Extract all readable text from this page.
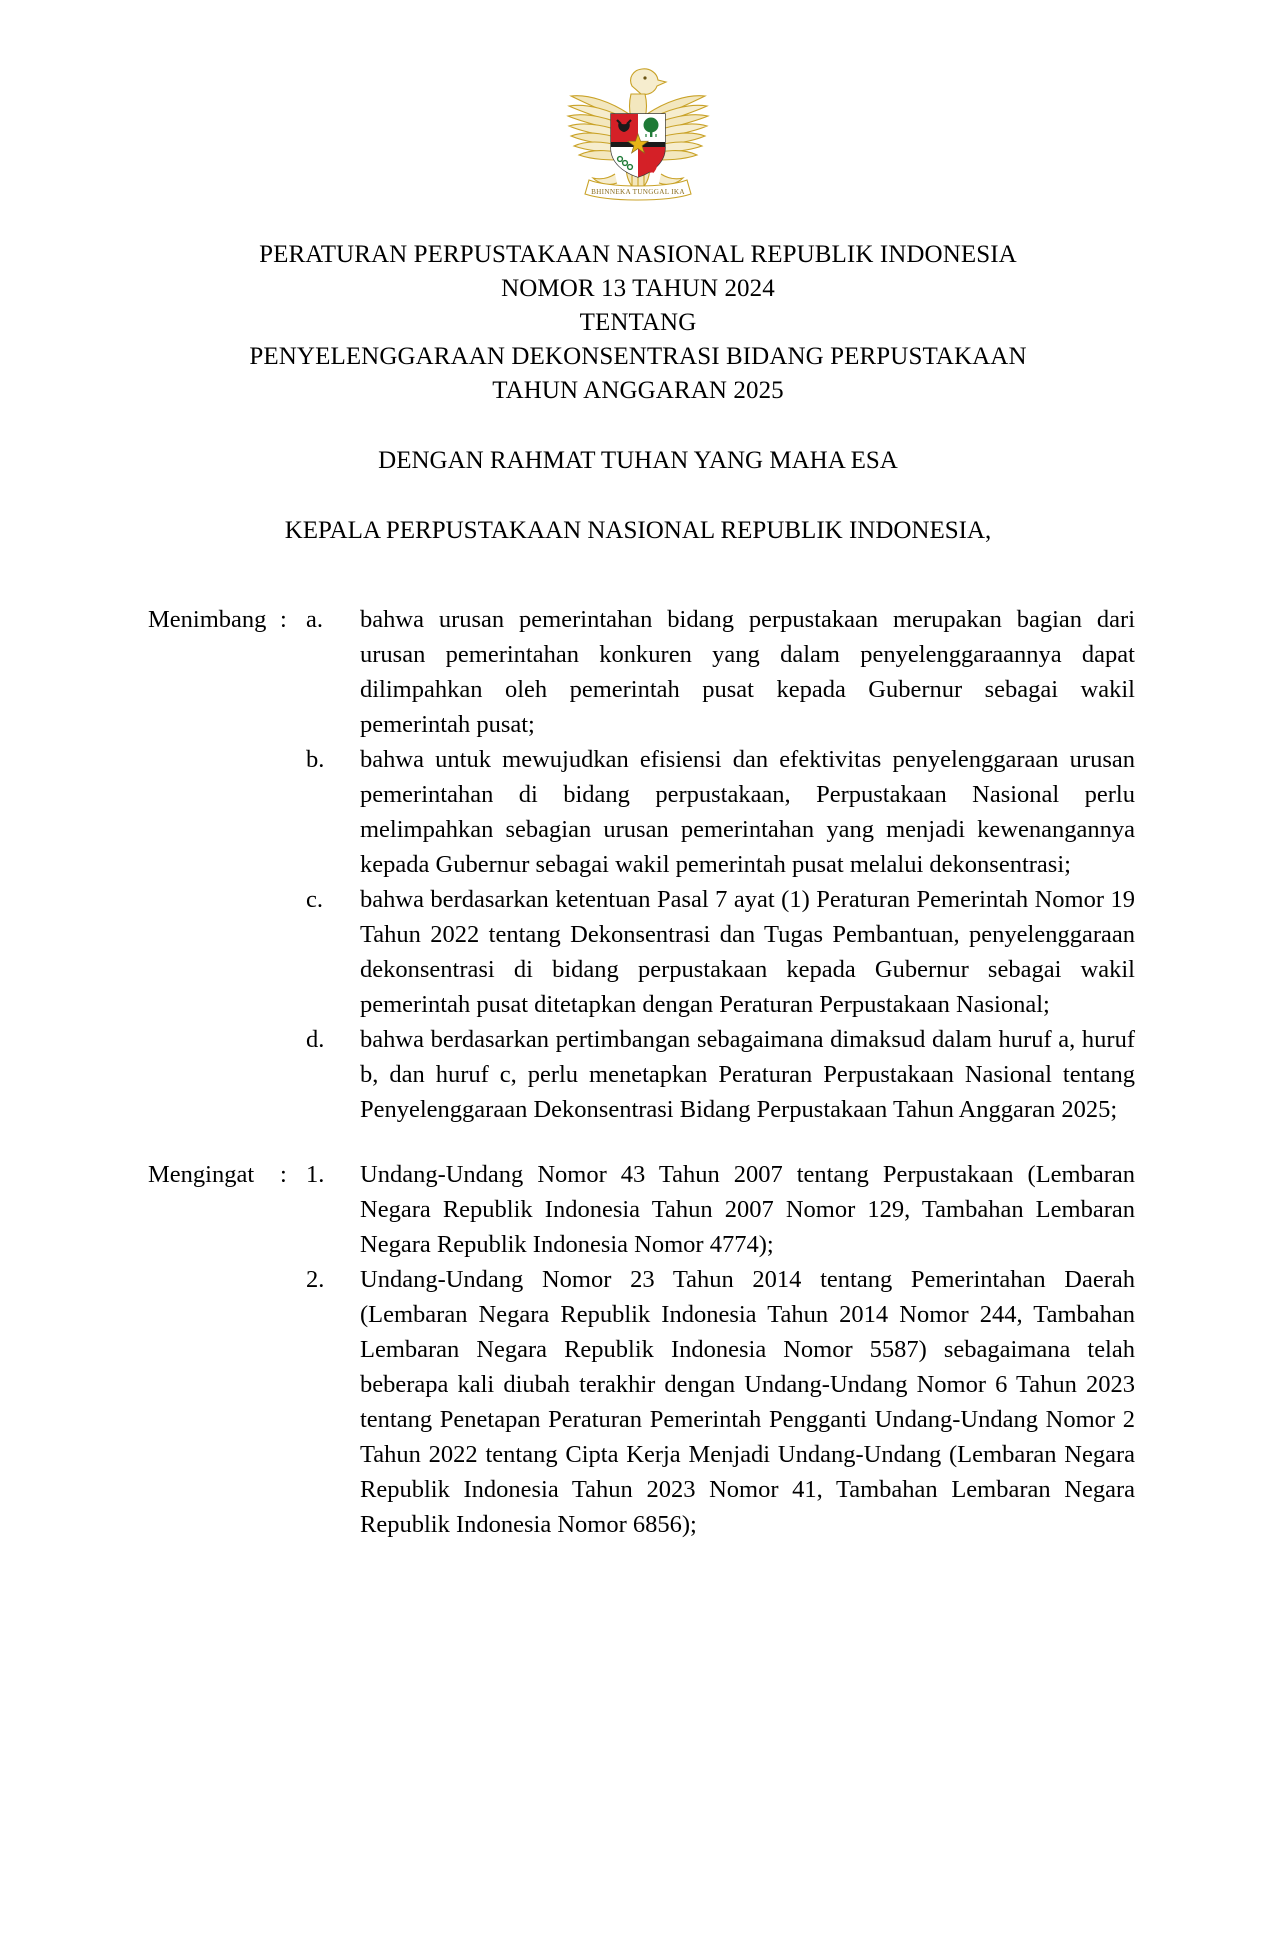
BHINNEKA TUNGGAL IKA
PERATURAN PERPUSTAKAAN NASIONAL REPUBLIK INDONESIA
NOMOR 13 TAHUN 2024
TENTANG
PENYELENGGARAAN DEKONSENTRASI BIDANG PERPUSTAKAAN
TAHUN ANGGARAN 2025
DENGAN RAHMAT TUHAN YANG MAHA ESA
KEPALA PERPUSTAKAAN NASIONAL REPUBLIK INDONESIA,
Menimbang : a.	bahwa urusan pemerintahan bidang perpustakaan merupakan bagian dari urusan pemerintahan konkuren yang dalam penyelenggaraannya dapat dilimpahkan oleh pemerintah pusat kepada Gubernur sebagai wakil pemerintah pusat;
b.	bahwa untuk mewujudkan efisiensi dan efektivitas penyelenggaraan urusan pemerintahan di bidang perpustakaan, Perpustakaan Nasional perlu melimpahkan sebagian urusan pemerintahan yang menjadi kewenangannya kepada Gubernur sebagai wakil pemerintah pusat melalui dekonsentrasi;
c.	bahwa berdasarkan ketentuan Pasal 7 ayat (1) Peraturan Pemerintah Nomor 19 Tahun 2022 tentang Dekonsentrasi dan Tugas Pembantuan, penyelenggaraan dekonsentrasi di bidang perpustakaan kepada Gubernur sebagai wakil pemerintah pusat ditetapkan dengan Peraturan Perpustakaan Nasional;
d.	bahwa berdasarkan pertimbangan sebagaimana dimaksud dalam huruf a, huruf b, dan huruf c, perlu menetapkan Peraturan Perpustakaan Nasional tentang Penyelenggaraan Dekonsentrasi Bidang Perpustakaan Tahun Anggaran 2025;
Mengingat	: 1.	Undang-Undang Nomor 43 Tahun 2007 tentang Perpustakaan (Lembaran Negara Republik Indonesia Tahun 2007 Nomor 129, Tambahan Lembaran Negara Republik Indonesia Nomor 4774);
2.	Undang-Undang Nomor 23 Tahun 2014 tentang Pemerintahan Daerah (Lembaran Negara Republik Indonesia Tahun 2014 Nomor 244, Tambahan Lembaran Negara Republik Indonesia Nomor 5587) sebagaimana telah beberapa kali diubah terakhir dengan Undang-Undang Nomor 6 Tahun 2023 tentang Penetapan Peraturan Pemerintah Pengganti Undang-Undang Nomor 2 Tahun 2022 tentang Cipta Kerja Menjadi Undang-Undang (Lembaran Negara Republik Indonesia Tahun 2023 Nomor 41, Tambahan Lembaran Negara Republik Indonesia Nomor 6856);
